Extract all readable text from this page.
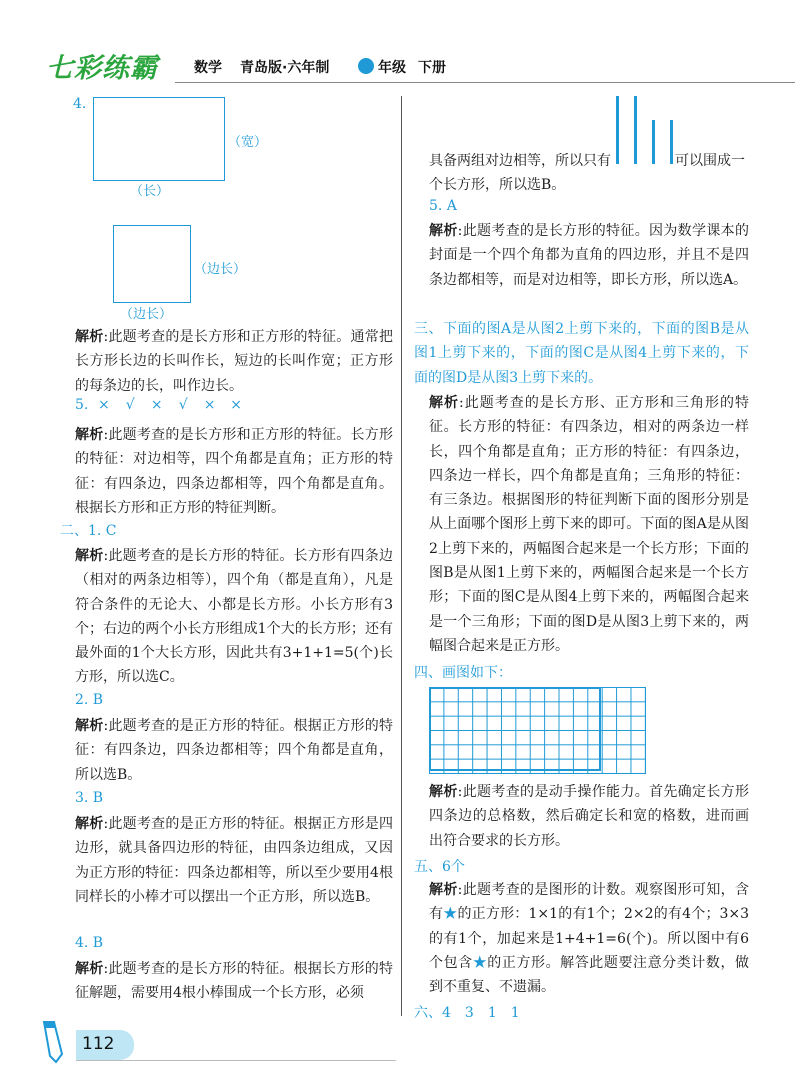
七彩练霸	数学 青岛版·六年制	年级 下册
4.
（宽）
（长）
（边长）
（边长）
解析:此题考查的是长方形和正方形的特征。通常把长方形长边的长叫作长，短边的长叫作宽；正方形的每条边的长，叫作边长。
5. × √ × √ × ×
解析:此题考查的是长方形和正方形的特征。长方形的特征：对边相等，四个角都是直角；正方形的特征：有四条边，四条边都相等，四个角都是直角。根据长方形和正方形的特征判断。
二、1. C
解析:此题考查的是长方形的特征。长方形有四条边（相对的两条边相等），四个角（都是直角），凡是符合条件的无论大、小都是长方形。小长方形有3个；右边的两个小长方形组成1个大的长方形；还有最外面的1个大长方形，因此共有3+1+1=5(个)长方形，所以选C。
2. B
解析:此题考查的是正方形的特征。根据正方形的特征：有四条边，四条边都相等；四个角都是直角，所以选B。
3. B
解析:此题考查的是正方形的特征。根据正方形是四边形，就具备四边形的特征，由四条边组成，又因为正方形的特征：四条边都相等，所以至少要用4根同样长的小棒才可以摆出一个正方形，所以选B。
4. B
解析:此题考查的是长方形的特征。根据长方形的特征解题，需要用4根小棒围成一个长方形，必须
具备两组对边相等，所以只有	可以围成一
个长方形，所以选B。
5. A
解析:此题考查的是长方形的特征。因为数学课本的封面是一个四个角都为直角的四边形，并且不是四条边都相等，而是对边相等，即长方形，所以选A。
三、下面的图A是从图2上剪下来的，下面的图B是从图1上剪下来的，下面的图C是从图4上剪下来的，下面的图D是从图3上剪下来的。
解析:此题考查的是长方形、正方形和三角形的特征。长方形的特征：有四条边，相对的两条边一样长，四个角都是直角；正方形的特征：有四条边，四条边一样长，四个角都是直角；三角形的特征：有三条边。根据图形的特征判断下面的图形分别是从上面哪个图形上剪下来的即可。下面的图A是从图2上剪下来的，两幅图合起来是一个长方形；下面的图B是从图1上剪下来的，两幅图合起来是一个长方形；下面的图C是从图4上剪下来的，两幅图合起来是一个三角形；下面的图D是从图3上剪下来的，两幅图合起来是正方形。
四、画图如下：
解析:此题考查的是动手操作能力。首先确定长方形四条边的总格数，然后确定长和宽的格数，进而画出符合要求的长方形。
五、6个
解析:此题考查的是图形的计数。观察图形可知，含有★的正方形：1×1的有1个；2×2的有4个；3×3的有1个，加起来是1+4+1=6(个)。所以图中有6个包含★的正方形。解答此题要注意分类计数，做到不重复、不遗漏。
六、4　3　1　1
112
